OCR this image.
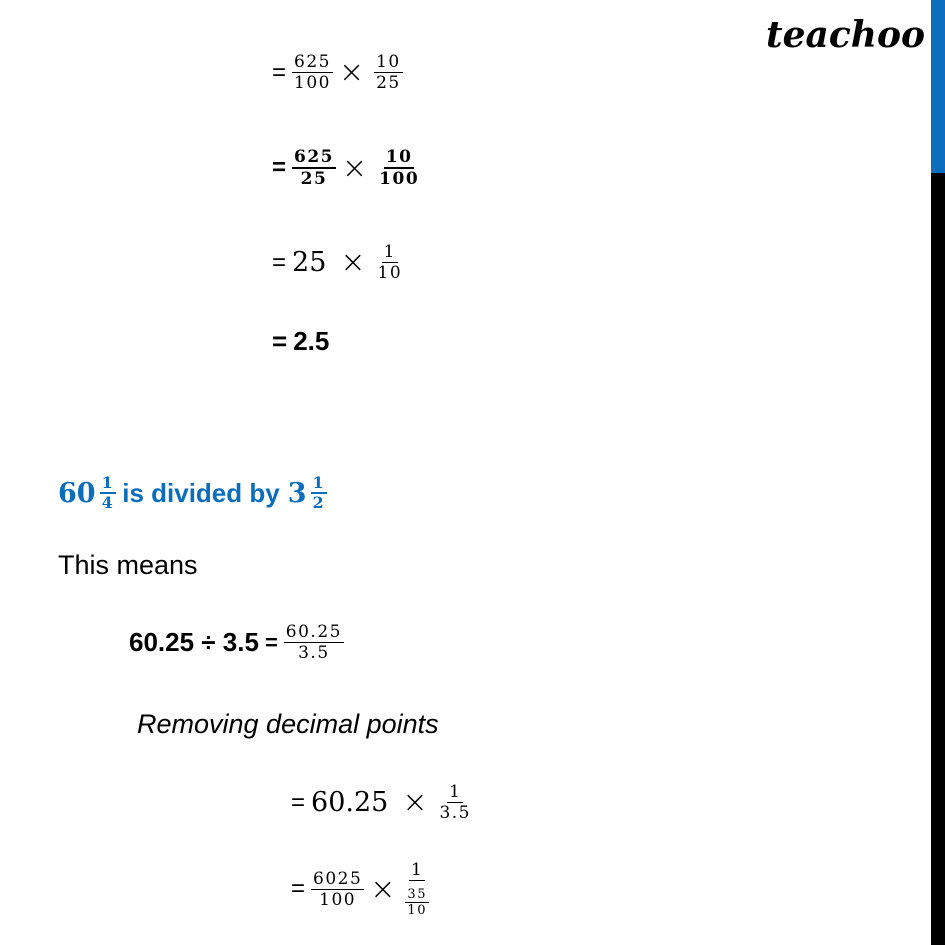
teachoo
= $\frac{625}{100} \times \frac{10}{25}$
= $\frac{625}{25} \times \frac{10}{100}$
= $25 \times \frac{1}{10}$
= 2.5
$60 \frac{1}{4}$ is divided by $3 \frac{1}{2}$
This means
$60.25 \div 3.5 = \frac{60.25}{3.5}$
Removing decimal points
= $60.25 \times \frac{1}{3.5}$
= $\frac{6025}{100} \times \frac{1}{\frac{35}{10}}$
